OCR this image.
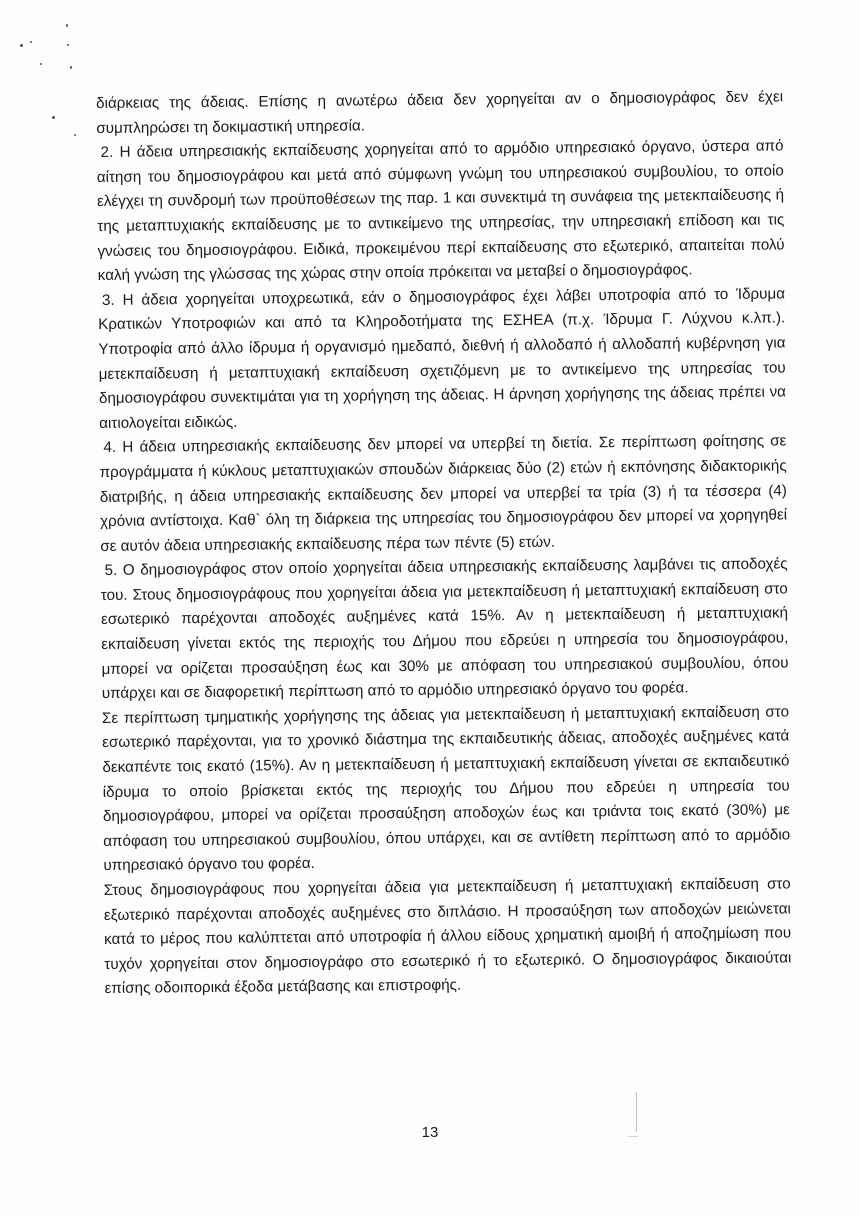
διάρκειας της άδειας. Επίσης η ανωτέρω άδεια δεν χορηγείται αν ο δημοσιογράφος δεν έχει συμπληρώσει τη δοκιμαστική υπηρεσία.

2. Η άδεια υπηρεσιακής εκπαίδευσης χορηγείται από το αρμόδιο υπηρεσιακό όργανο, ύστερα από αίτηση του δημοσιογράφου και μετά από σύμφωνη γνώμη του υπηρεσιακού συμβουλίου, το οποίο ελέγχει τη συνδρομή των προϋποθέσεων της παρ. 1 και συνεκτιμά τη συνάφεια της μετεκπαίδευσης ή της μεταπτυχιακής εκπαίδευσης με το αντικείμενο της υπηρεσίας, την υπηρεσιακή επίδοση και τις γνώσεις του δημοσιογράφου. Ειδικά, προκειμένου περί εκπαίδευσης στο εξωτερικό, απαιτείται πολύ καλή γνώση της γλώσσας της χώρας στην οποία πρόκειται να μεταβεί ο δημοσιογράφος.

3. Η άδεια χορηγείται υποχρεωτικά, εάν ο δημοσιογράφος έχει λάβει υποτροφία από το Ίδρυμα Κρατικών Υποτροφιών και από τα Κληροδοτήματα της ΕΣΗΕΑ (π.χ. Ίδρυμα Γ. Λύχνου κ.λπ.). Υποτροφία από άλλο ίδρυμα ή οργανισμό ημεδαπό, διεθνή ή αλλοδαπό ή αλλοδαπή κυβέρνηση για μετεκπαίδευση ή μεταπτυχιακή εκπαίδευση σχετιζόμενη με το αντικείμενο της υπηρεσίας του δημοσιογράφου συνεκτιμάται για τη χορήγηση της άδειας. Η άρνηση χορήγησης της άδειας πρέπει να αιτιολογείται ειδικώς.

4. Η άδεια υπηρεσιακής εκπαίδευσης δεν μπορεί να υπερβεί τη διετία. Σε περίπτωση φοίτησης σε προγράμματα ή κύκλους μεταπτυχιακών σπουδών διάρκειας δύο (2) ετών ή εκπόνησης διδακτορικής διατριβής, η άδεια υπηρεσιακής εκπαίδευσης δεν μπορεί να υπερβεί τα τρία (3) ή τα τέσσερα (4) χρόνια αντίστοιχα. Καθ` όλη τη διάρκεια της υπηρεσίας του δημοσιογράφου δεν μπορεί να χορηγηθεί σε αυτόν άδεια υπηρεσιακής εκπαίδευσης πέρα των πέντε (5) ετών.

5. Ο δημοσιογράφος στον οποίο χορηγείται άδεια υπηρεσιακής εκπαίδευσης λαμβάνει τις αποδοχές του. Στους δημοσιογράφους που χορηγείται άδεια για μετεκπαίδευση ή μεταπτυχιακή εκπαίδευση στο εσωτερικό παρέχονται αποδοχές αυξημένες κατά 15%. Αν η μετεκπαίδευση ή μεταπτυχιακή εκπαίδευση γίνεται εκτός της περιοχής του Δήμου που εδρεύει η υπηρεσία του δημοσιογράφου, μπορεί να ορίζεται προσαύξηση έως και 30% με απόφαση του υπηρεσιακού συμβουλίου, όπου υπάρχει και σε διαφορετική περίπτωση από το αρμόδιο υπηρεσιακό όργανο του φορέα.

Σε περίπτωση τμηματικής χορήγησης της άδειας για μετεκπαίδευση ή μεταπτυχιακή εκπαίδευση στο εσωτερικό παρέχονται, για το χρονικό διάστημα της εκπαιδευτικής άδειας, αποδοχές αυξημένες κατά δεκαπέντε τοις εκατό (15%). Αν η μετεκπαίδευση ή μεταπτυχιακή εκπαίδευση γίνεται σε εκπαιδευτικό ίδρυμα το οποίο βρίσκεται εκτός της περιοχής του Δήμου που εδρεύει η υπηρεσία του δημοσιογράφου, μπορεί να ορίζεται προσαύξηση αποδοχών έως και τριάντα τοις εκατό (30%) με απόφαση του υπηρεσιακού συμβουλίου, όπου υπάρχει, και σε αντίθετη περίπτωση από το αρμόδιο υπηρεσιακό όργανο του φορέα.

Στους δημοσιογράφους που χορηγείται άδεια για μετεκπαίδευση ή μεταπτυχιακή εκπαίδευση στο εξωτερικό παρέχονται αποδοχές αυξημένες στο διπλάσιο. Η προσαύξηση των αποδοχών μειώνεται κατά το μέρος που καλύπτεται από υποτροφία ή άλλου είδους χρηματική αμοιβή ή αποζημίωση που τυχόν χορηγείται στον δημοσιογράφο στο εσωτερικό ή το εξωτερικό. Ο δημοσιογράφος δικαιούται επίσης οδοιπορικά έξοδα μετάβασης και επιστροφής.

13
